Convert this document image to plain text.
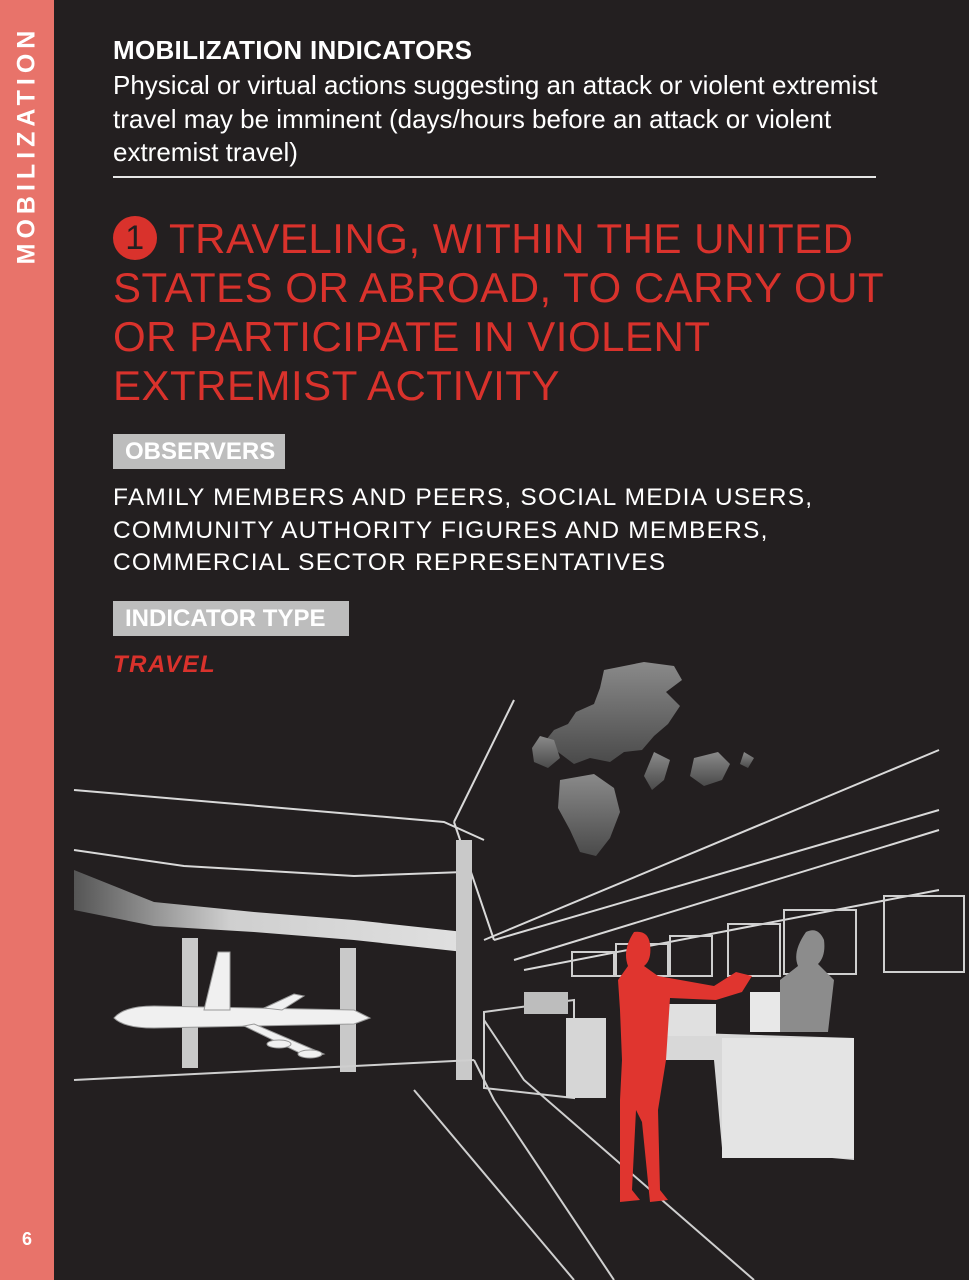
MOBILIZATION
6
MOBILIZATION INDICATORS
Physical or virtual actions suggesting an attack or violent extremist travel may be imminent (days/hours before an attack or violent extremist travel)
1 TRAVELING, WITHIN THE UNITED STATES OR ABROAD, TO CARRY OUT OR PARTICIPATE IN VIOLENT EXTREMIST ACTIVITY
OBSERVERS
FAMILY MEMBERS AND PEERS, SOCIAL MEDIA USERS, COMMUNITY AUTHORITY FIGURES AND MEMBERS, COMMERCIAL SECTOR REPRESENTATIVES
INDICATOR TYPE
TRAVEL
